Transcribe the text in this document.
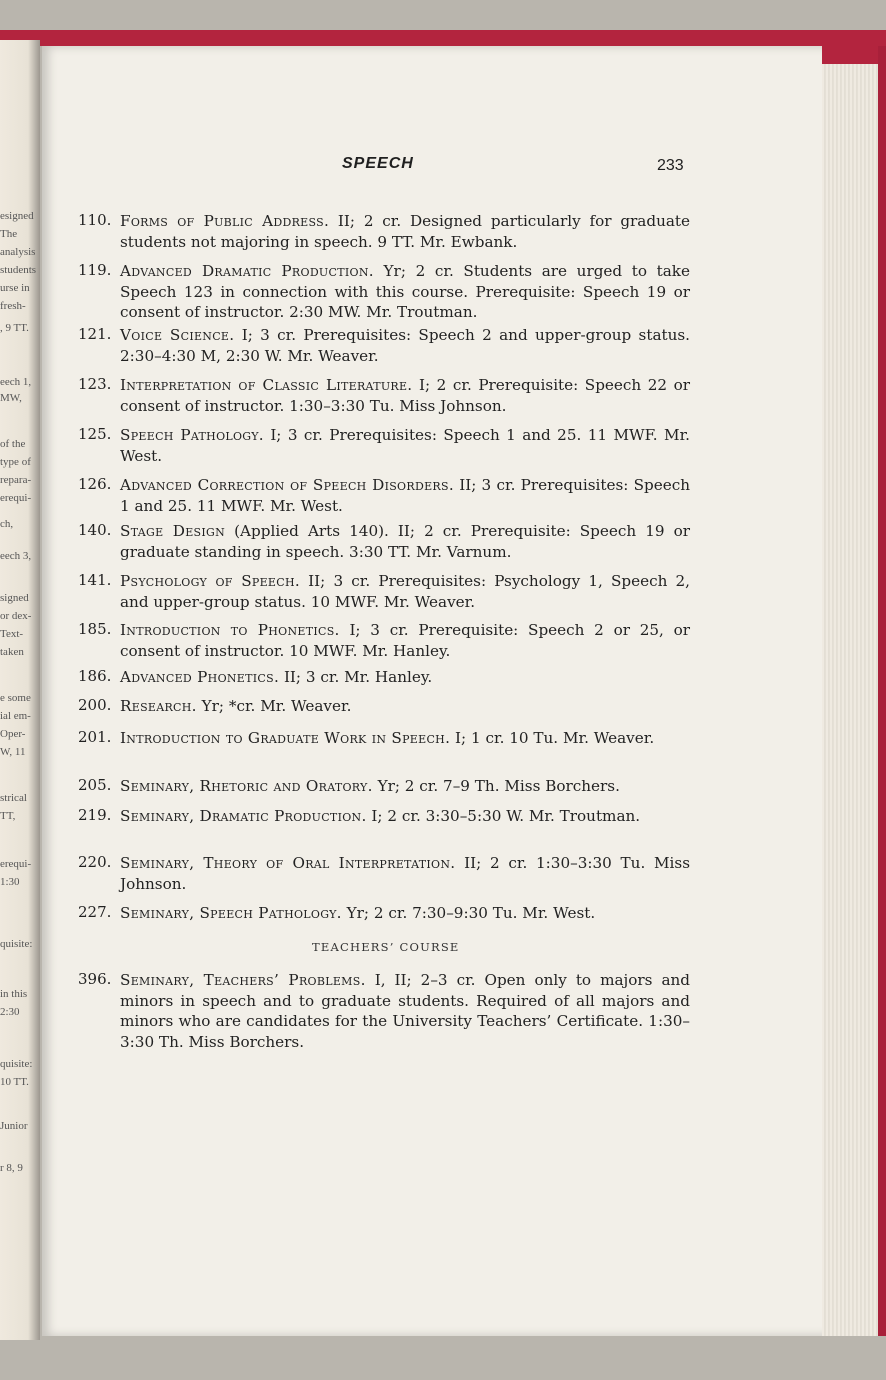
esigned
The
analysis
students
urse in
fresh-
, 9 TT.
eech 1,
MW,
of the
type of
repara-
erequi-
ch,
eech 3,
signed
or dex-
Text-
taken
e some
ial em-
Oper-
W, 11
strical
TT,
erequi-
1:30
quisite:
in this
2:30
quisite:
10 TT.
Junior
r 8, 9
SPEECH	233
110. Forms of Public Address. II; 2 cr. Designed particularly for graduate students not majoring in speech. 9 TT. Mr. Ewbank.
119. Advanced Dramatic Production. Yr; 2 cr. Students are urged to take Speech 123 in connection with this course. Prerequisite: Speech 19 or consent of instructor. 2:30 MW. Mr. Troutman.
121. Voice Science. I; 3 cr. Prerequisites: Speech 2 and upper-group status. 2:30–4:30 M, 2:30 W. Mr. Weaver.
123. Interpretation of Classic Literature. I; 2 cr. Prerequisite: Speech 22 or consent of instructor. 1:30–3:30 Tu. Miss Johnson.
125. Speech Pathology. I; 3 cr. Prerequisites: Speech 1 and 25. 11 MWF. Mr. West.
126. Advanced Correction of Speech Disorders. II; 3 cr. Prerequisites: Speech 1 and 25. 11 MWF. Mr. West.
140. Stage Design (Applied Arts 140). II; 2 cr. Prerequisite: Speech 19 or graduate standing in speech. 3:30 TT. Mr. Varnum.
141. Psychology of Speech. II; 3 cr. Prerequisites: Psychology 1, Speech 2, and upper-group status. 10 MWF. Mr. Weaver.
185. Introduction to Phonetics. I; 3 cr. Prerequisite: Speech 2 or 25, or consent of instructor. 10 MWF. Mr. Hanley.
186. Advanced Phonetics. II; 3 cr. Mr. Hanley.
200. Research. Yr; *cr. Mr. Weaver.
201. Introduction to Graduate Work in Speech. I; 1 cr. 10 Tu. Mr. Weaver.
205. Seminary, Rhetoric and Oratory. Yr; 2 cr. 7–9 Th. Miss Borchers.
219. Seminary, Dramatic Production. I; 2 cr. 3:30–5:30 W. Mr. Troutman.
220. Seminary, Theory of Oral Interpretation. II; 2 cr. 1:30–3:30 Tu. Miss Johnson.
227. Seminary, Speech Pathology. Yr; 2 cr. 7:30–9:30 Tu. Mr. West.
TEACHERS’ COURSE
396. Seminary, Teachers’ Problems. I, II; 2–3 cr. Open only to majors and minors in speech and to graduate students. Required of all majors and minors who are candidates for the University Teachers’ Certificate. 1:30–3:30 Th. Miss Borchers.
